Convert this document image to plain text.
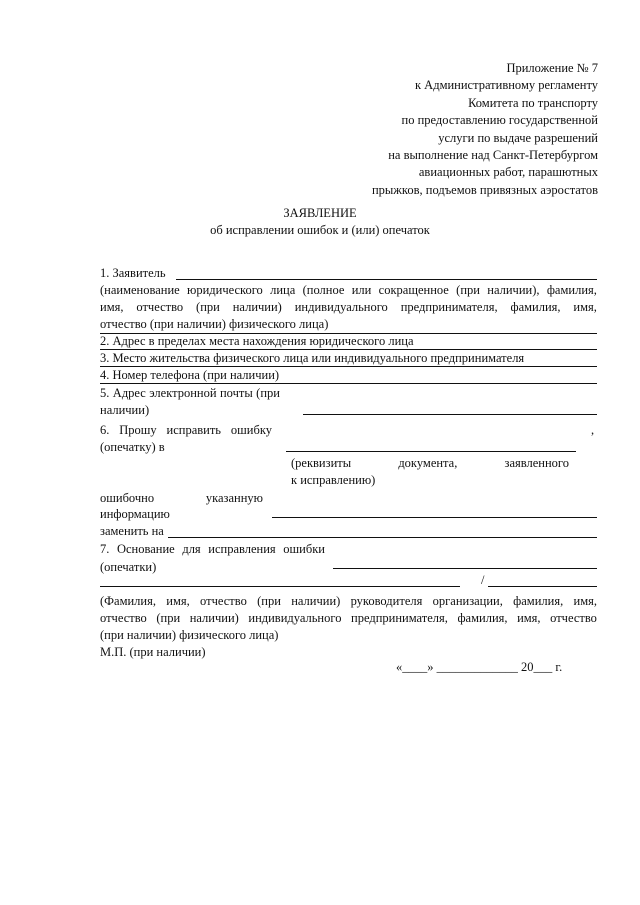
Приложение № 7
к Административному регламенту
Комитета по транспорту
по предоставлению государственной
услуги по выдаче разрешений
на выполнение над Санкт-Петербургом
авиационных работ, парашютных
прыжков, подъемов привязных аэростатов
ЗАЯВЛЕНИЕ
об исправлении ошибок и (или) опечаток
1. Заявитель
(наименование юридического лица (полное или сокращенное (при наличии), фамилия,
имя, отчество (при наличии) индивидуального предпринимателя, фамилия, имя,
отчество (при наличии) физического лица)
2. Адрес в пределах места нахождения юридического лица
3. Место жительства физического лица или индивидуального предпринимателя
4. Номер телефона (при наличии)
5. Адрес электронной почты (при
наличии)
6. Прошу исправить ошибку	,
(опечатку) в
(реквизиты	документа,	заявленного
к исправлению)
ошибочно	указанную
информацию
заменить на
7. Основание для исправления ошибки
(опечатки)
/
(Фамилия, имя, отчество (при наличии) руководителя организации, фамилия, имя,
отчество (при наличии) индивидуального предпринимателя, фамилия, имя, отчество
(при наличии) физического лица)
М.П. (при наличии)
«____» _____________ 20___ г.
